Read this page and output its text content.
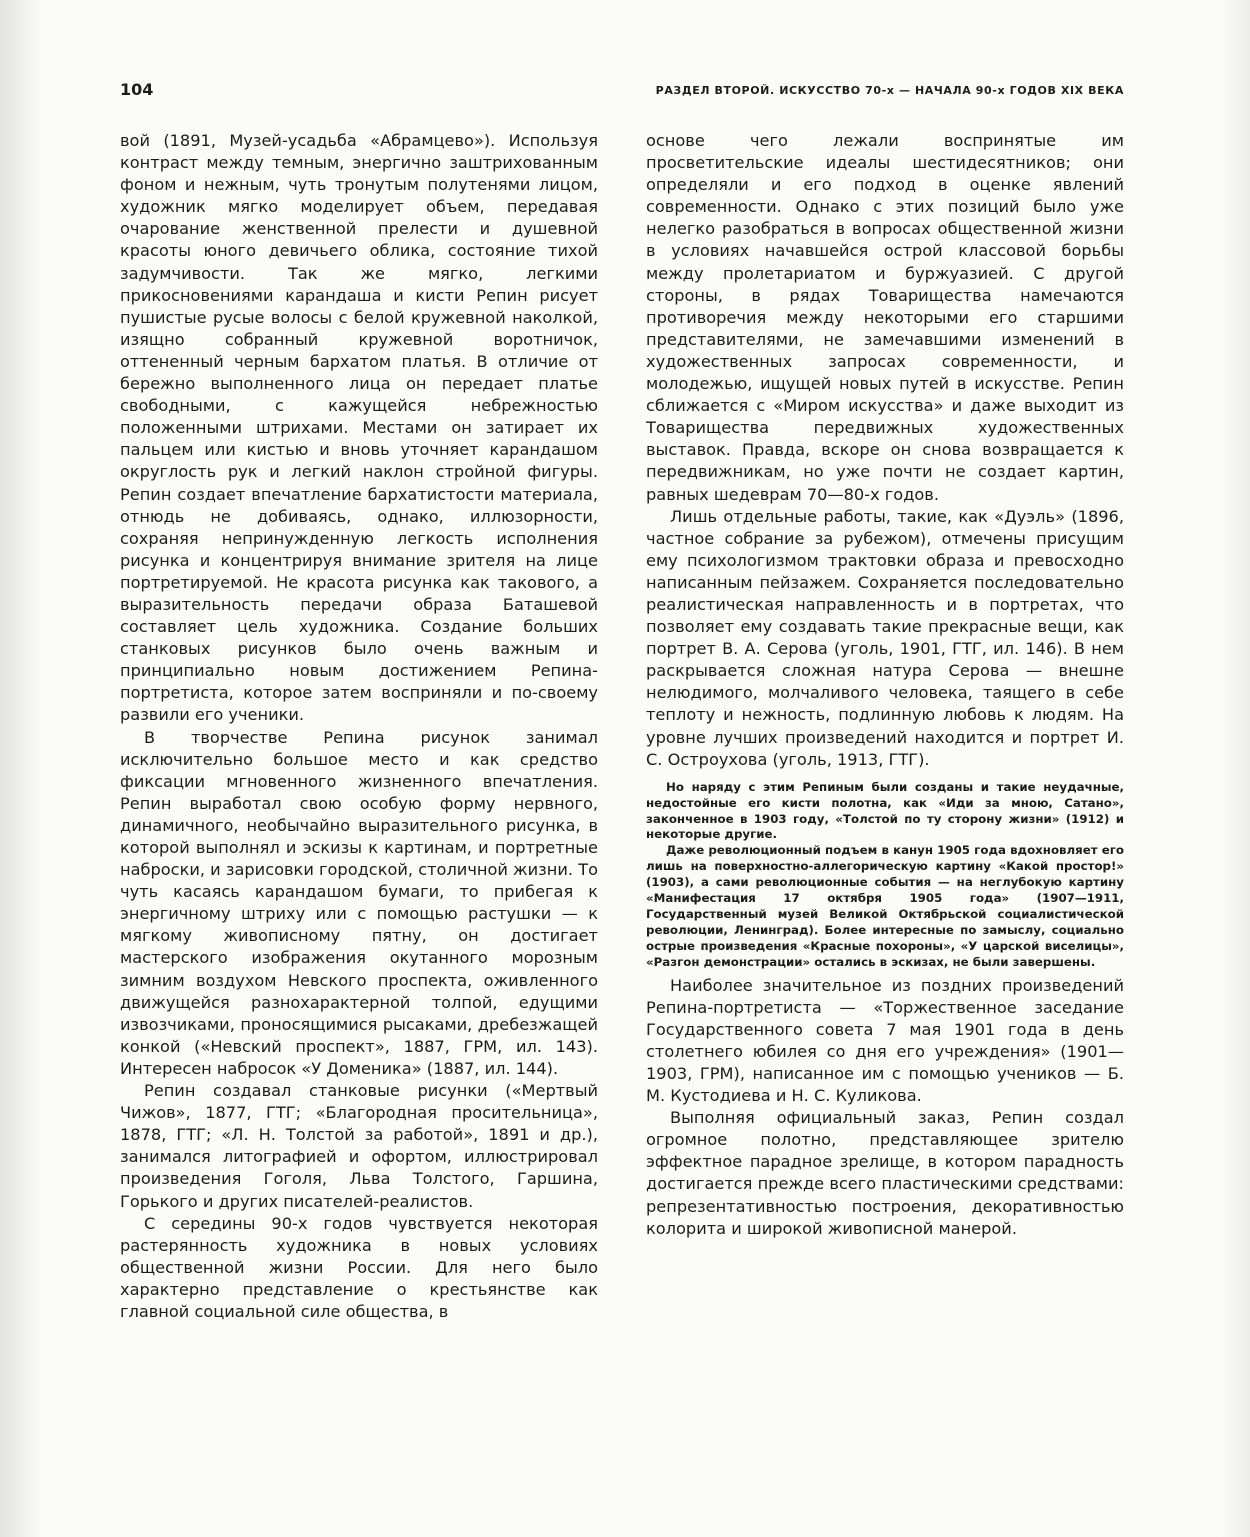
104	РАЗДЕЛ ВТОРОЙ. ИСКУССТВО 70-х — НАЧАЛА 90-х ГОДОВ XIX ВЕКА

вой (1891, Музей-усадьба «Абрамцево»). Используя контраст между темным, энергично заштрихованным фоном и нежным, чуть тронутым полутенями лицом, художник мягко моделирует объем, передавая очарование женственной прелести и душевной красоты юного девичьего облика, состояние тихой задумчивости. Так же мягко, легкими прикосновениями карандаша и кисти Репин рисует пушистые русые волосы с белой кружевной наколкой, изящно собранный кружевной воротничок, оттененный черным бархатом платья. В отличие от бережно выполненного лица он передает платье свободными, с кажущейся небрежностью положенными штрихами. Местами он затирает их пальцем или кистью и вновь уточняет карандашом округлость рук и легкий наклон стройной фигуры. Репин создает впечатление бархатистости материала, отнюдь не добиваясь, однако, иллюзорности, сохраняя непринужденную легкость исполнения рисунка и концентрируя внимание зрителя на лице портретируемой. Не красота рисунка как такового, а выразительность передачи образа Баташевой составляет цель художника. Создание больших станковых рисунков было очень важным и принципиально новым достижением Репина-портретиста, которое затем восприняли и по-своему развили его ученики.

В творчестве Репина рисунок занимал исключительно большое место и как средство фиксации мгновенного жизненного впечатления. Репин выработал свою особую форму нервного, динамичного, необычайно выразительного рисунка, в которой выполнял и эскизы к картинам, и портретные наброски, и зарисовки городской, столичной жизни. То чуть касаясь карандашом бумаги, то прибегая к энергичному штриху или с помощью растушки — к мягкому живописному пятну, он достигает мастерского изображения окутанного морозным зимним воздухом Невского проспекта, оживленного движущейся разнохарактерной толпой, едущими извозчиками, проносящимися рысаками, дребезжащей конкой («Невский проспект», 1887, ГРМ, ил. 143). Интересен набросок «У Доменика» (1887, ил. 144).

Репин создавал станковые рисунки («Мертвый Чижов», 1877, ГТГ; «Благородная просительница», 1878, ГТГ; «Л. Н. Толстой за работой», 1891 и др.), занимался литографией и офортом, иллюстрировал произведения Гоголя, Льва Толстого, Гаршина, Горького и других писателей-реалистов.

С середины 90-х годов чувствуется некоторая растерянность художника в новых условиях общественной жизни России. Для него было характерно представление о крестьянстве как главной социальной силе общества, в

основе чего лежали воспринятые им просветительские идеалы шестидесятников; они определяли и его подход в оценке явлений современности. Однако с этих позиций было уже нелегко разобраться в вопросах общественной жизни в условиях начавшейся острой классовой борьбы между пролетариатом и буржуазией. С другой стороны, в рядах Товарищества намечаются противоречия между некоторыми его старшими представителями, не замечавшими изменений в художественных запросах современности, и молодежью, ищущей новых путей в искусстве. Репин сближается с «Миром искусства» и даже выходит из Товарищества передвижных художественных выставок. Правда, вскоре он снова возвращается к передвижникам, но уже почти не создает картин, равных шедеврам 70—80-х годов.

Лишь отдельные работы, такие, как «Дуэль» (1896, частное собрание за рубежом), отмечены присущим ему психологизмом трактовки образа и превосходно написанным пейзажем. Сохраняется последовательно реалистическая направленность и в портретах, что позволяет ему создавать такие прекрасные вещи, как портрет В. А. Серова (уголь, 1901, ГТГ, ил. 146). В нем раскрывается сложная натура Серова — внешне нелюдимого, молчаливого человека, таящего в себе теплоту и нежность, подлинную любовь к людям. На уровне лучших произведений находится и портрет И. С. Остроухова (уголь, 1913, ГТГ).

Но наряду с этим Репиным были созданы и такие неудачные, недостойные его кисти полотна, как «Иди за мною, Сатано», законченное в 1903 году, «Толстой по ту сторону жизни» (1912) и некоторые другие.

Даже революционный подъем в канун 1905 года вдохновляет его лишь на поверхностно-аллегорическую картину «Какой простор!» (1903), а сами революционные события — на неглубокую картину «Манифестация 17 октября 1905 года» (1907—1911, Государственный музей Великой Октябрьской социалистической революции, Ленинград). Более интересные по замыслу, социально острые произведения «Красные похороны», «У царской виселицы», «Разгон демонстрации» остались в эскизах, не были завершены.

Наиболее значительное из поздних произведений Репина-портретиста — «Торжественное заседание Государственного совета 7 мая 1901 года в день столетнего юбилея со дня его учреждения» (1901—1903, ГРМ), написанное им с помощью учеников — Б. М. Кустодиева и Н. С. Куликова.

Выполняя официальный заказ, Репин создал огромное полотно, представляющее зрителю эффектное парадное зрелище, в котором парадность достигается прежде всего пластическими средствами: репрезентативностью построения, декоративностью колорита и широкой живописной манерой.
